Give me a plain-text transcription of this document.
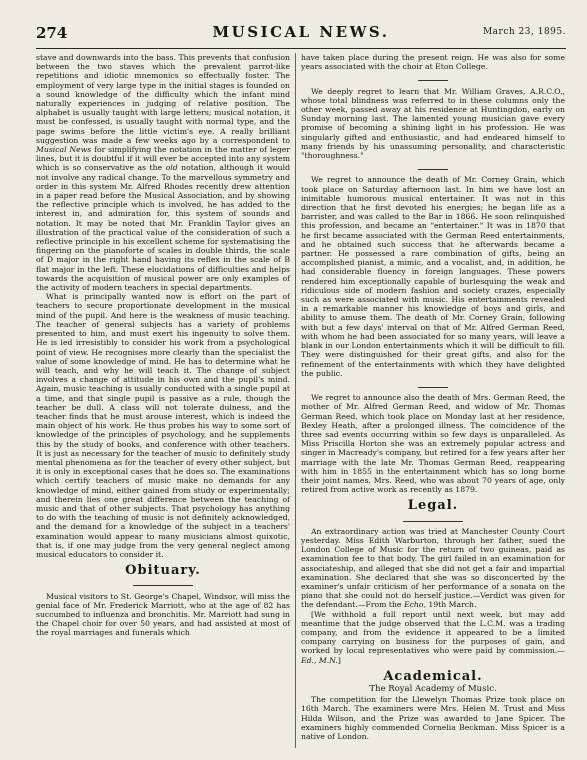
274	MUSICAL NEWS.	March 23, 1895.

stave and downwards into the bass. This prevents that confusion between the two staves which the prevalent parrot-like repetitions and idiotic mnemonics so effectually foster. The employment of very large type in the initial stages is founded on a sound knowledge of the difficulty which the infant mind naturally experiences in judging of relative position. The alphabet is usually taught with large letters; musical notation, it must be confessed, is usually taught with normal type, and the page swims before the little victim's eye. A really brilliant suggestion was made a few weeks ago by a correspondent to Musical News for simplifying the notation in the matter of leger lines, but it is doubtful if it will ever be accepted into any system which is so conservative as the old notation, although it would not involve any radical change. To the marvellous symmetry and order in this system Mr. Alfred Rhodes recently drew attention in a paper read before the Musical Association, and by showing the reflective principle which is involved, he has added to the interest in, and admiration for, this system of sounds and notation. It may be noted that Mr. Franklin Taylor gives an illustration of the practical value of the consideration of such a reflective principle in his excellent scheme for systematising the fingering on the pianoforte of scales in double thirds, the scale of D major in the right hand having its reflex in the scale of B flat major in the left. These elucidations of difficulties and helps towards the acquisition of musical power are only examples of the activity of modern teachers in special departments.

What is principally wanted now is effort on the part of teachers to secure proportionate development in the musical mind of the pupil. And here is the weakness of music teaching. The teacher of general subjects has a variety of problems presented to him, and must exert his ingenuity to solve them. He is led irresistibly to consider his work from a psychological point of view. He recognises more clearly than the specialist the value of some knowledge of mind. He has to determine what he will teach, and why he will teach it. The change of subject involves a change of attitude in his own and the pupil's mind. Again, music teaching is usually conducted with a single pupil at a time, and that single pupil is passive as a rule, though the teacher be dull. A class will not tolerate dulness, and the teacher finds that he must arouse interest, which is indeed the main object of his work. He thus probes his way to some sort of knowledge of the principles of psychology, and he supplements this by the study of books, and conference with other teachers. It is just as necessary for the teacher of music to definitely study mental phenomena as for the teacher of every other subject, but it is only in exceptional cases that he does so. The examinations which certify teachers of music make no demands for any knowledge of mind, either gained from study or experimentally; and therein lies one great difference between the teaching of music and that of other subjects. That psychology has anything to do with the teaching of music is not definitely acknowledged, and the demand for a knowledge of the subject in a teachers' examination would appear to many musicians almost quixotic, that is, if one may judge from the very general neglect among musical educators to consider it.

Obituary.

Musical visitors to St. George's Chapel, Windsor, will miss the genial face of Mr. Frederick Marriott, who at the age of 82 has succumbed to influenza and bronchitis. Mr. Marriott had sung in the Chapel choir for over 50 years, and had assisted at most of the royal marriages and funerals which

have taken place during the present reign. He was also for some years associated with the choir at Eton College.

We deeply regret to learn that Mr. William Graves, A.R.C.O., whose total blindness was referred to in these columns only the other week, passed away at his residence at Huntingdon, early on Sunday morning last. The lamented young musician gave every promise of becoming a shining light in his profession. He was singularly gifted and enthusiastic, and had endeared himself to many friends by his unassuming personality, and characteristic "thoroughness."

We regret to announce the death of Mr. Corney Grain, which took place on Saturday afternoon last. In him we have lost an inimitable humorous musical entertainer. It was not in this direction that he first devoted his energies; he began life as a barrister, and was called to the Bar in 1866. He soon relinquished this profession, and became an "entertainer." It was in 1870 that he first became associated with the German Reed entertainments, and he obtained such success that he afterwards became a partner. He possessed a rare combination of gifts, being an accomplished pianist, a mimic, and a vocalist, and, in addition, he had considerable fluency in foreign languages. These powers rendered him exceptionally capable of burlesquing the weak and ridiculous side of modern fashion and society crazes, especially such as were associated with music. His entertainments revealed in a remarkable manner his knowledge of boys and girls, and ability to amuse them. The death of Mr. Corney Grain, following with but a few days' interval on that of Mr. Alfred German Reed, with whom he had been associated for so many years, will leave a blank in our London entertainments which it will be difficult to fill. They were distinguished for their great gifts, and also for the refinement of the entertainments with which they have delighted the public.

We regret to announce also the death of Mrs. German Reed, the mother of Mr. Alfred German Reed, and widow of Mr. Thomas German Reed, which took place on Monday last at her residence, Bexley Heath, after a prolonged illness. The coincidence of the three sad events occurring within so few days is unparalleled. As Miss Priscilla Horton she was an extremely popular actress and singer in Macready's company, but retired for a few years after her marriage with the late Mr. Thomas German Reed, reappearing with him in 1855 in the entertainment which has so long borne their joint names. Mrs. Reed, who was about 70 years of age, only retired from active work as recently as 1879.

Legal.

An extraordinary action was tried at Manchester County Court yesterday. Miss Edith Warburton, through her father, sued the London College of Music for the return of two guineas, paid as examination fee to that body. The girl failed in an examination for associateship, and alleged that she did not get a fair and impartial examination. She declared that she was so disconcerted by the examiner's unfair criticism of her performance of a sonata on the piano that she could not do herself justice.—Verdict was given for the defendant.—From the Echo, 19th March.

[We withhold a full report until next week, but may add meantime that the judge observed that the L.C.M. was a trading company, and from the evidence it appeared to be a limited company carrying on business for the purposes of gain, and worked by local representatives who were paid by commission.—Ed., M.N.]

Academical.
The Royal Academy of Music.

The competition for the Llewelyn Thomas Prize took place on 16th March. The examiners were Mrs. Helen M. Trust and Miss Hilda Wilson, and the Prize was awarded to Jane Spicer. The examiners highly commended Cornelia Beckman. Miss Spicer is a native of London.
